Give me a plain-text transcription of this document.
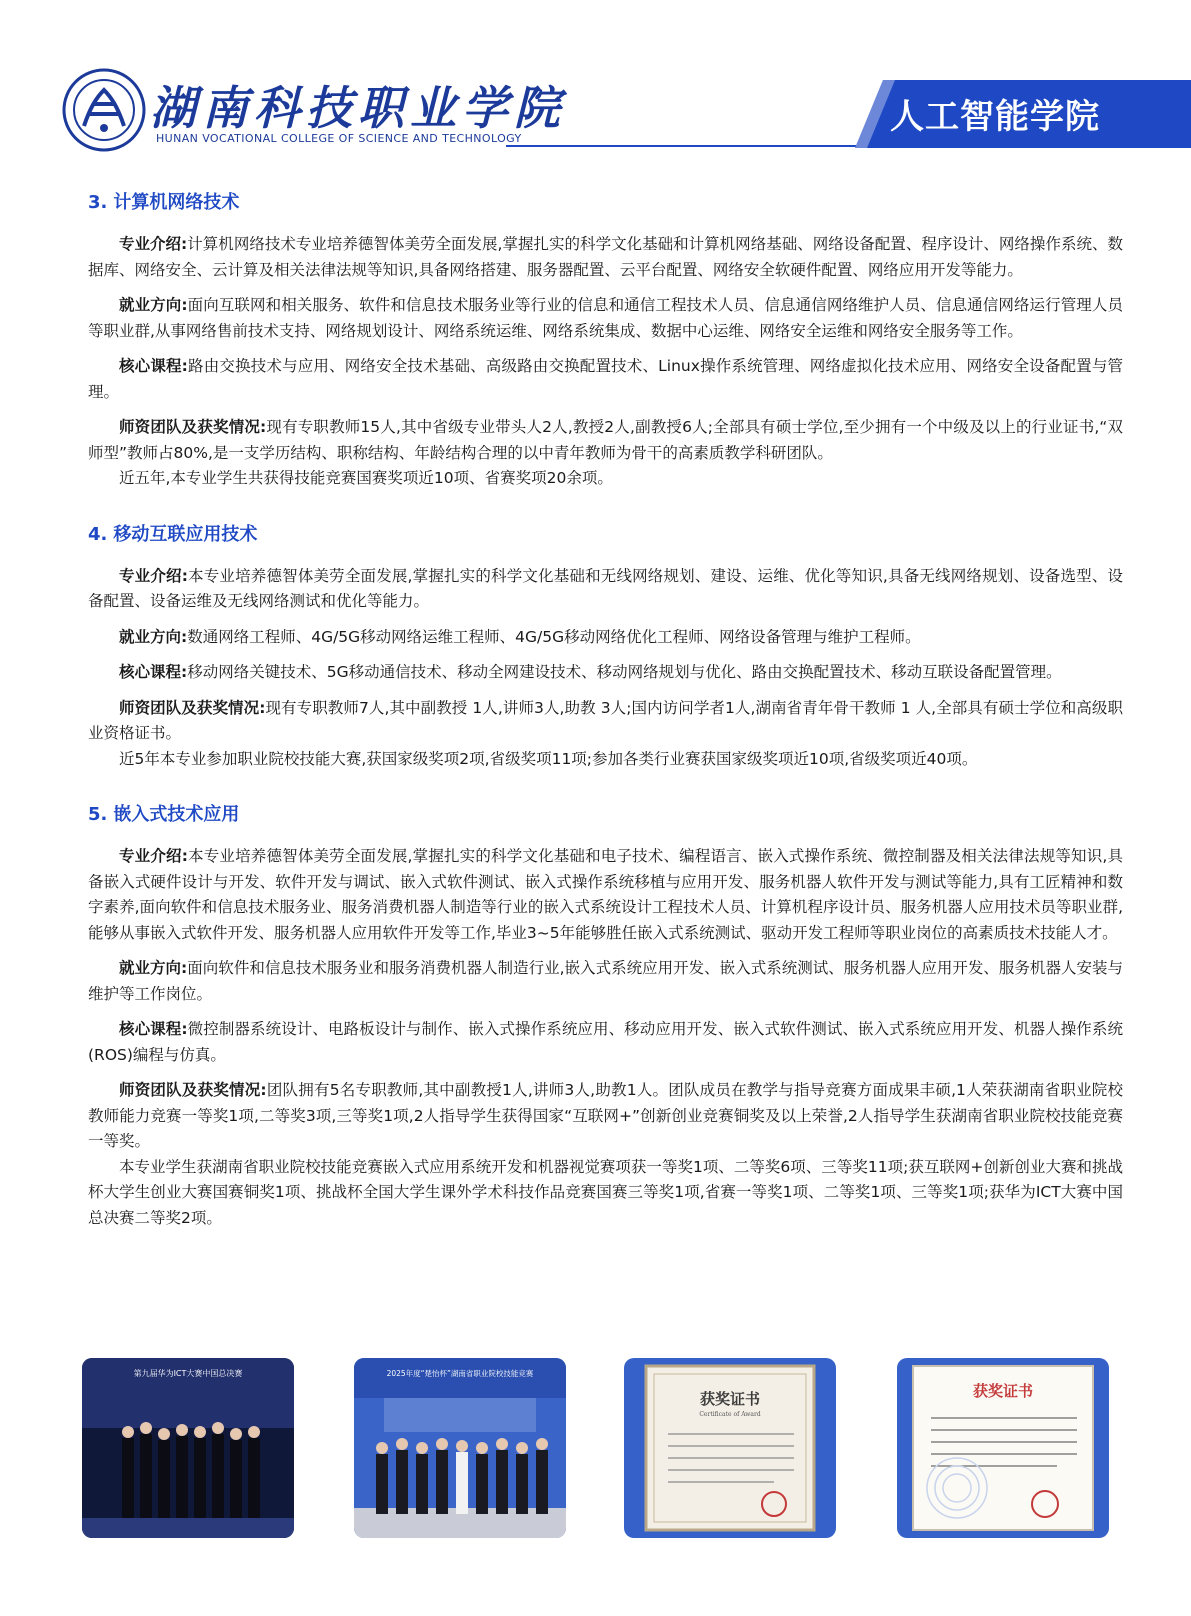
湖南科技职业学院
HUNAN VOCATIONAL COLLEGE OF SCIENCE AND TECHNOLOGY
人工智能学院
3. 计算机网络技术

专业介绍:计算机网络技术专业培养德智体美劳全面发展,掌握扎实的科学文化基础和计算机网络基础、网络设备配置、程序设计、网络操作系统、数据库、网络安全、云计算及相关法律法规等知识,具备网络搭建、服务器配置、云平台配置、网络安全软硬件配置、网络应用开发等能力。

就业方向:面向互联网和相关服务、软件和信息技术服务业等行业的信息和通信工程技术人员、信息通信网络维护人员、信息通信网络运行管理人员等职业群,从事网络售前技术支持、网络规划设计、网络系统运维、网络系统集成、数据中心运维、网络安全运维和网络安全服务等工作。

核心课程:路由交换技术与应用、网络安全技术基础、高级路由交换配置技术、Linux操作系统管理、网络虚拟化技术应用、网络安全设备配置与管理。

师资团队及获奖情况:现有专职教师15人,其中省级专业带头人2人,教授2人,副教授6人;全部具有硕士学位,至少拥有一个中级及以上的行业证书,“双师型”教师占80%,是一支学历结构、职称结构、年龄结构合理的以中青年教师为骨干的高素质教学科研团队。

近五年,本专业学生共获得技能竞赛国赛奖项近10项、省赛奖项20余项。

4. 移动互联应用技术

专业介绍:本专业培养德智体美劳全面发展,掌握扎实的科学文化基础和无线网络规划、建设、运维、优化等知识,具备无线网络规划、设备选型、设备配置、设备运维及无线网络测试和优化等能力。

就业方向:数通网络工程师、4G/5G移动网络运维工程师、4G/5G移动网络优化工程师、网络设备管理与维护工程师。

核心课程:移动网络关键技术、5G移动通信技术、移动全网建设技术、移动网络规划与优化、路由交换配置技术、移动互联设备配置管理。

师资团队及获奖情况:现有专职教师7人,其中副教授 1人,讲师3人,助教 3人;国内访问学者1人,湖南省青年骨干教师 1 人,全部具有硕士学位和高级职业资格证书。

近5年本专业参加职业院校技能大赛,获国家级奖项2项,省级奖项11项;参加各类行业赛获国家级奖项近10项,省级奖项近40项。

5. 嵌入式技术应用

专业介绍:本专业培养德智体美劳全面发展,掌握扎实的科学文化基础和电子技术、编程语言、嵌入式操作系统、微控制器及相关法律法规等知识,具备嵌入式硬件设计与开发、软件开发与调试、嵌入式软件测试、嵌入式操作系统移植与应用开发、服务机器人软件开发与测试等能力,具有工匠精神和数字素养,面向软件和信息技术服务业、服务消费机器人制造等行业的嵌入式系统设计工程技术人员、计算机程序设计员、服务机器人应用技术员等职业群,能够从事嵌入式软件开发、服务机器人应用软件开发等工作,毕业3~5年能够胜任嵌入式系统测试、驱动开发工程师等职业岗位的高素质技术技能人才。

就业方向:面向软件和信息技术服务业和服务消费机器人制造行业,嵌入式系统应用开发、嵌入式系统测试、服务机器人应用开发、服务机器人安装与维护等工作岗位。

核心课程:微控制器系统设计、电路板设计与制作、嵌入式操作系统应用、移动应用开发、嵌入式软件测试、嵌入式系统应用开发、机器人操作系统(ROS)编程与仿真。

师资团队及获奖情况:团队拥有5名专职教师,其中副教授1人,讲师3人,助教1人。团队成员在教学与指导竞赛方面成果丰硕,1人荣获湖南省职业院校教师能力竞赛一等奖1项,二等奖3项,三等奖1项,2人指导学生获得国家“互联网+”创新创业竞赛铜奖及以上荣誉,2人指导学生获湖南省职业院校技能竞赛一等奖。

本专业学生获湖南省职业院校技能竞赛嵌入式应用系统开发和机器视觉赛项获一等奖1项、二等奖6项、三等奖11项;获互联网+创新创业大赛和挑战杯大学生创业大赛国赛铜奖1项、挑战杯全国大学生课外学术科技作品竞赛国赛三等奖1项,省赛一等奖1项、二等奖1项、三等奖1项;获华为ICT大赛中国总决赛二等奖2项。

第九届华为ICT大赛中国总决赛	2025年度“楚怡杯”湖南省职业院校技能竞赛
获奖证书
Certificate of Award
获奖证书
